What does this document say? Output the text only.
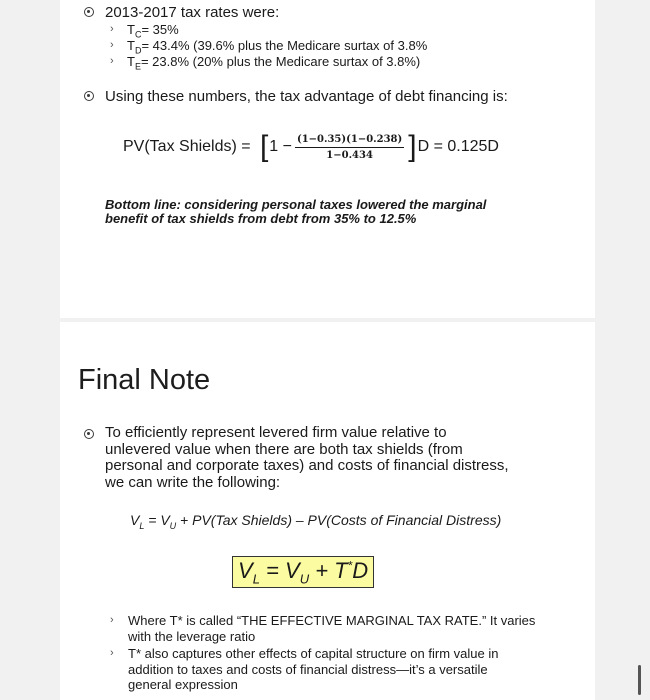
2013-2017 tax rates were:
› $T_C= 35\%$
› $T_D= 43.4\%$ (39.6% plus the Medicare surtax of 3.8%
› $T_E= 23.8\%$ (20% plus the Medicare surtax of 3.8%)
Using these numbers, the tax advantage of debt financing is:
PV(Tax Shields) = [ $1 - \frac{(1-0.35)(1-0.238)}{1-0.434}$ ] D = 0.125D
Bottom line: considering personal taxes lowered the marginal
benefit of tax shields from debt from 35% to 12.5%
Final Note
To efficiently represent levered firm value relative to
unlevered value when there are both tax shields (from
personal and corporate taxes) and costs of financial distress,
we can write the following:
$V_L = V_U + PV(Tax$ Shields) – PV(Costs of Financial Distress)
$V_L = V_U + T^*D$
› Where T* is called “THE EFFECTIVE MARGINAL TAX RATE.” It varies
with the leverage ratio
› T* also captures other effects of capital structure on firm value in
addition to taxes and costs of financial distress—it’s a versatile
general expression
